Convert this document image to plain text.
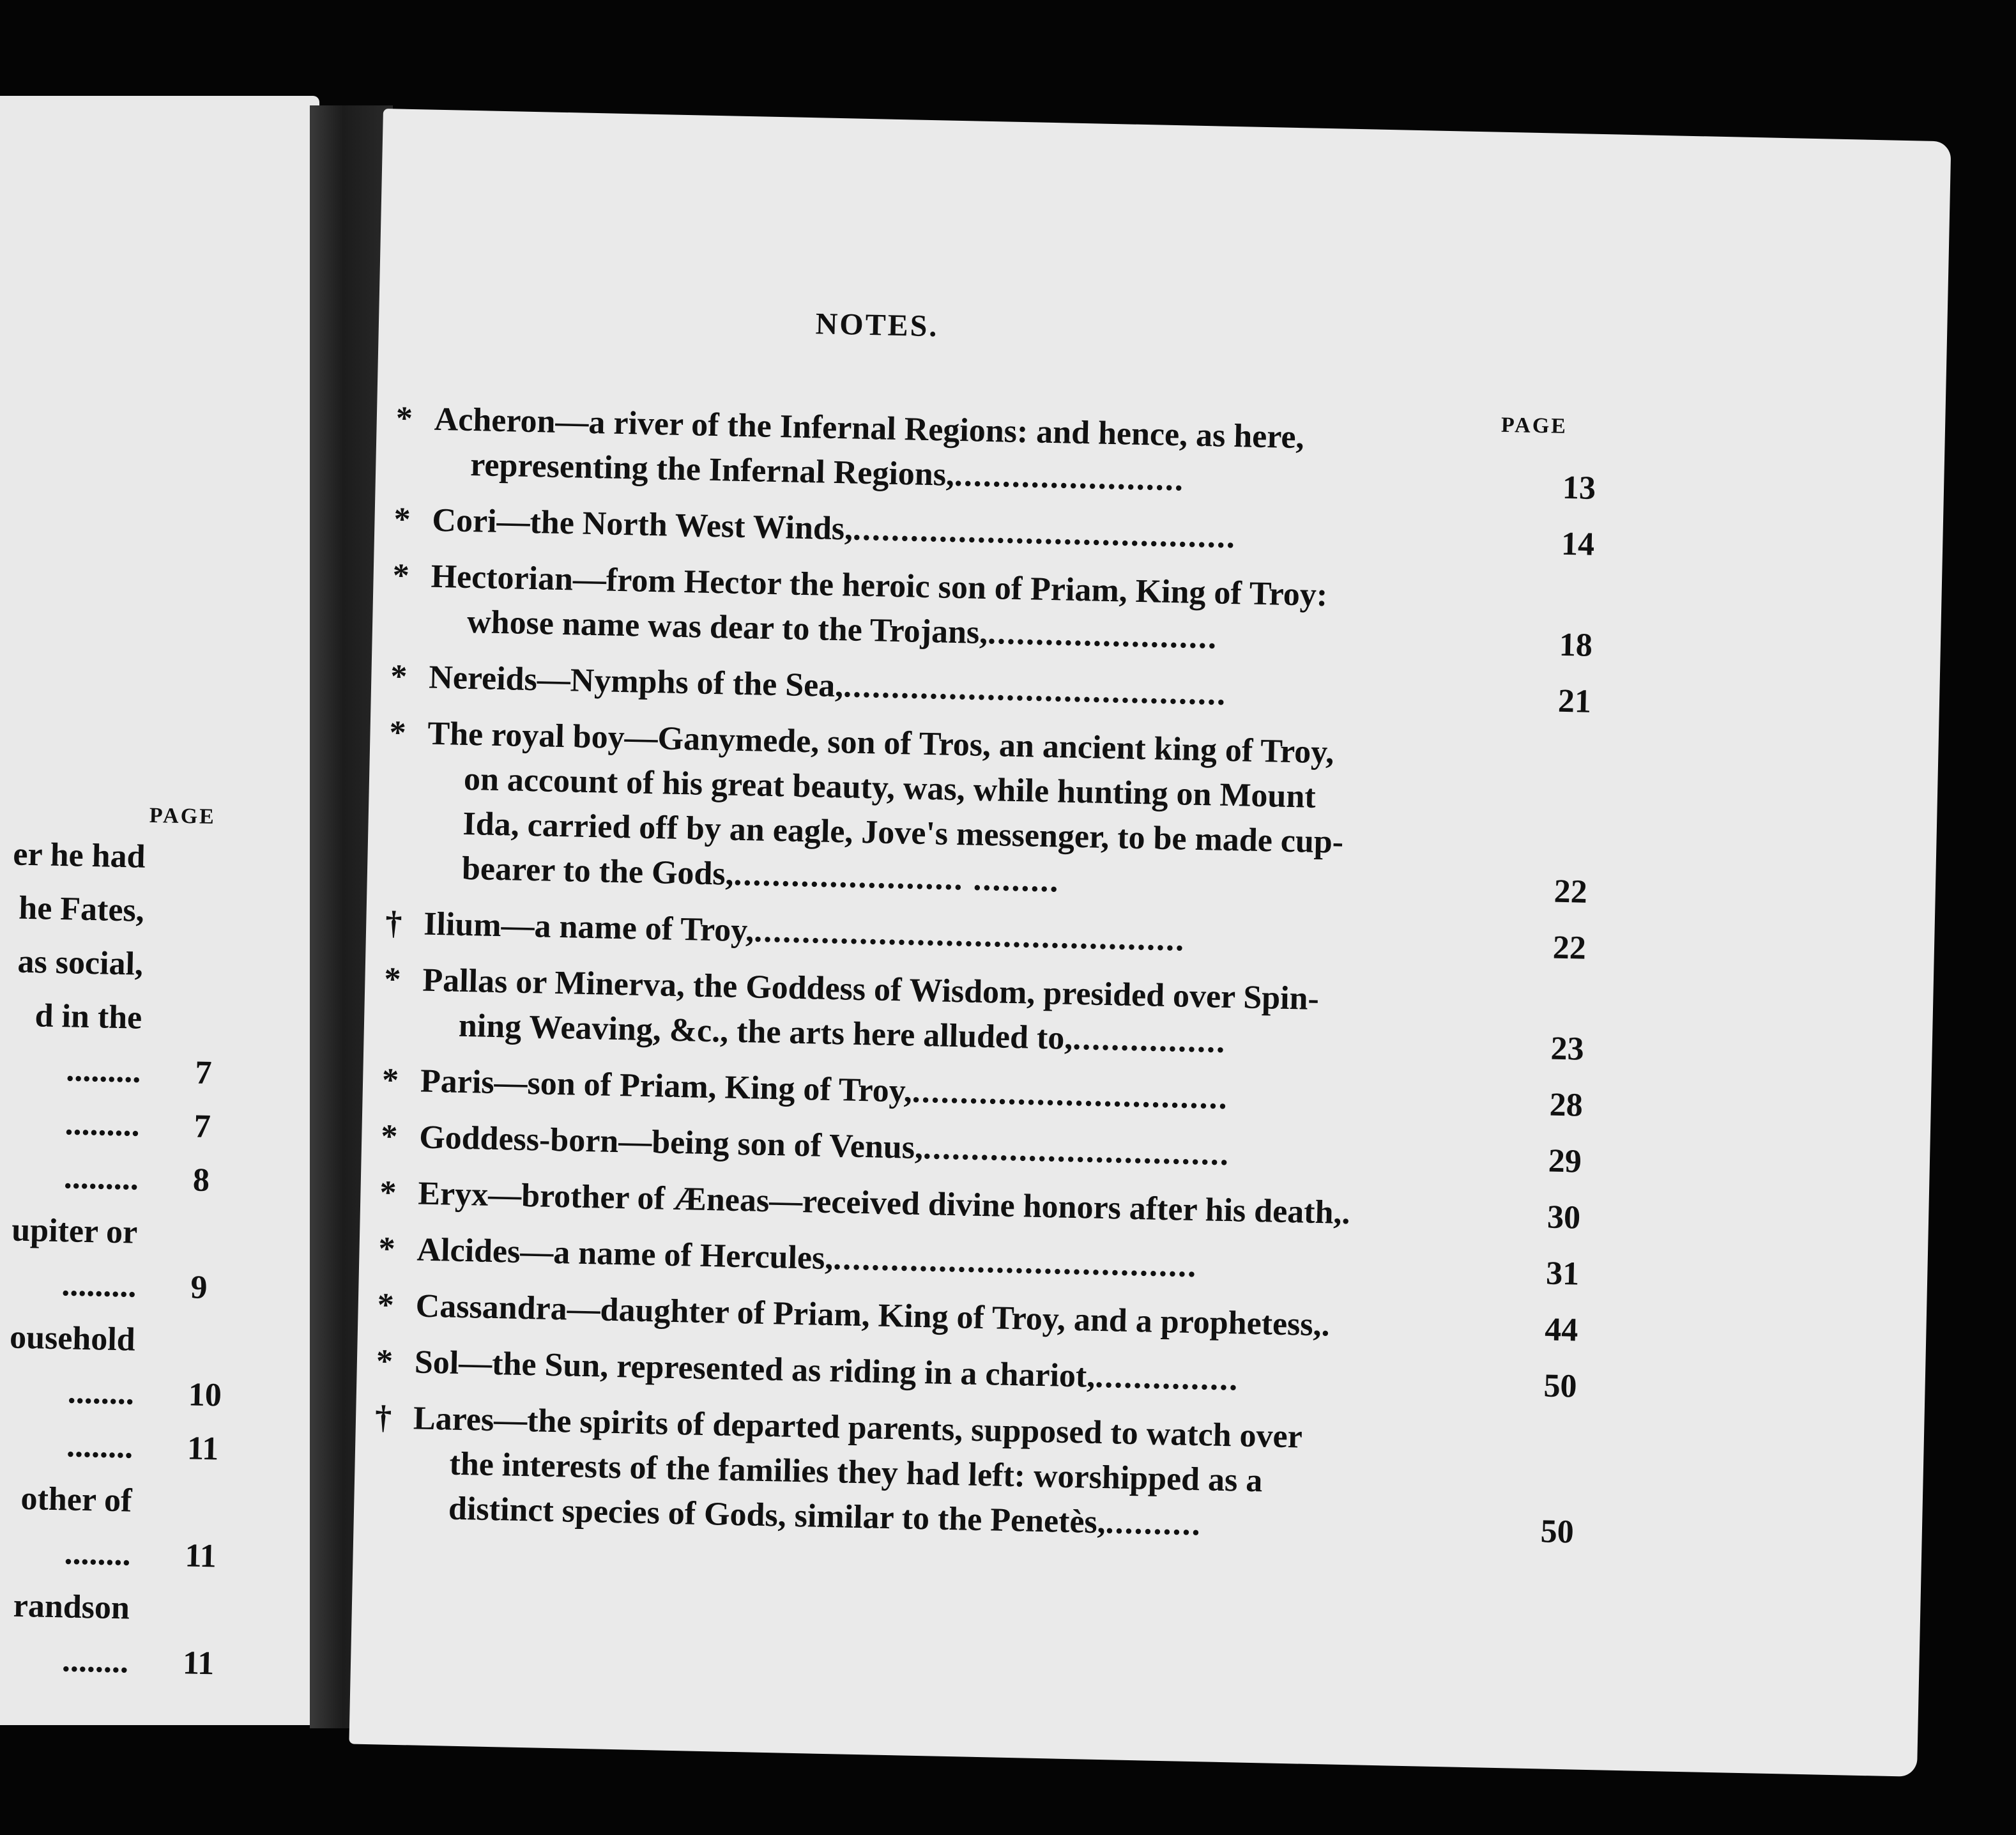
PAGE
er he had
he Fates,
as social,
d in the
......... 7
......... 7
......... 8
upiter or
......... 9
ousehold
........ 10
........ 11
other of
........ 11
randson
........ 11
NOTES.
PAGE
* Acheron—a river of the Infernal Regions: and hence, as here,
representing the Infernal Regions,........................	13
* Cori—the North West Winds,........................................	14
* Hectorian—from Hector the heroic son of Priam, King of Troy:
whose name was dear to the Trojans,........................	18
* Nereids—Nymphs of the Sea,........................................	21
* The royal boy—Ganymede, son of Tros, an ancient king of Troy,
on account of his great beauty, was, while hunting on Mount
Ida, carried off by an eagle, Jove's messenger, to be made cup-
bearer to the Gods,........................ .........	22
† Ilium—a name of Troy,.............................................	22
* Pallas or Minerva, the Goddess of Wisdom, presided over Spin-
ning Weaving, &c., the arts here alluded to,................	23
* Paris—son of Priam, King of Troy,.................................	28
* Goddess-born—being son of Venus,................................	29
* Eryx—brother of Æneas—received divine honors after his death,.	30
* Alcides—a name of Hercules,......................................	31
* Cassandra—daughter of Priam, King of Troy, and a prophetess,.	44
* Sol—the Sun, represented as riding in a chariot,...............	50
† Lares—the spirits of departed parents, supposed to watch over
the interests of the families they had left: worshipped as a
distinct species of Gods, similar to the Penetès,..........	50
